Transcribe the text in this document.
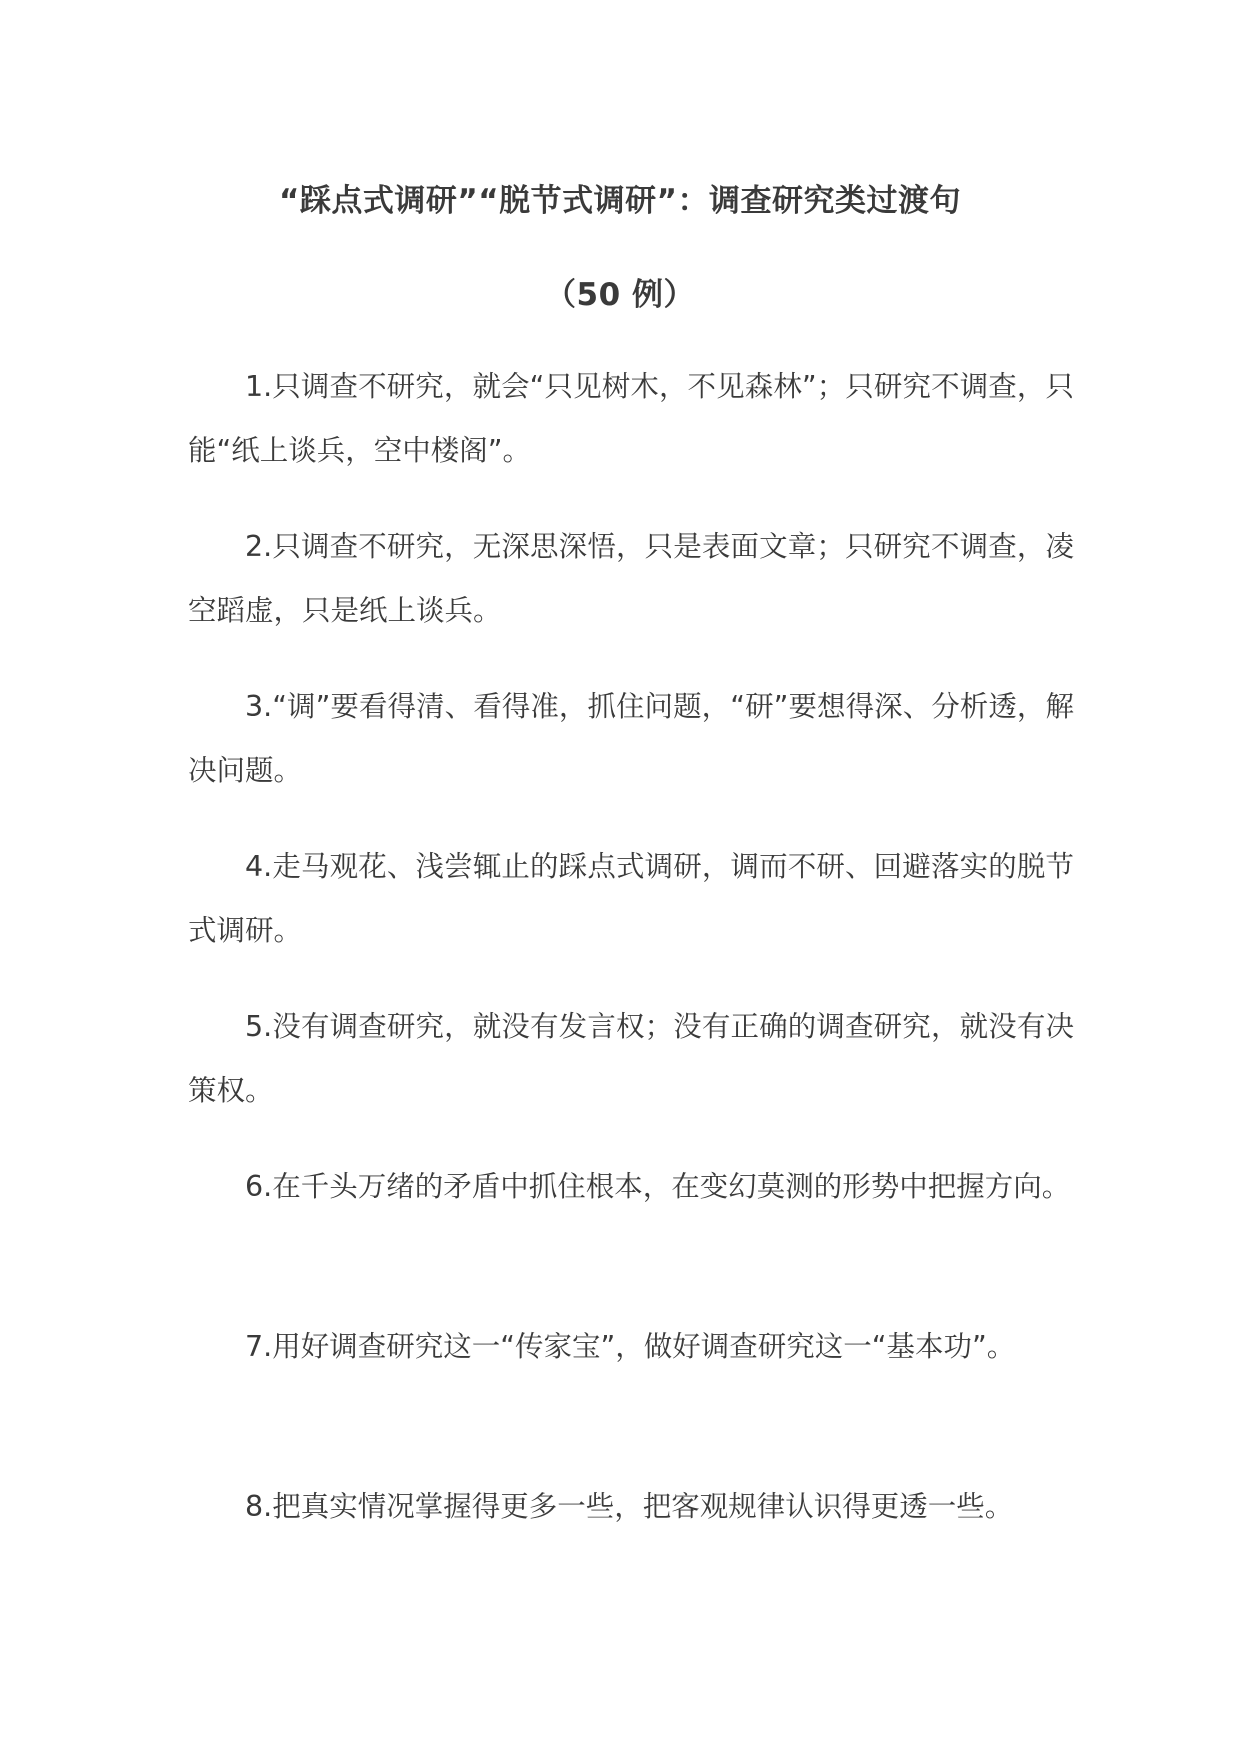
“踩点式调研”“脱节式调研”：调查研究类过渡句
（50 例）
1.只调查不研究，就会“只见树木，不见森林”；只研究不调查，只能“纸上谈兵，空中楼阁”。
2.只调查不研究，无深思深悟，只是表面文章；只研究不调查，凌空蹈虚，只是纸上谈兵。
3.“调”要看得清、看得准，抓住问题，“研”要想得深、分析透，解决问题。
4.走马观花、浅尝辄止的踩点式调研，调而不研、回避落实的脱节式调研。
5.没有调查研究，就没有发言权；没有正确的调查研究，就没有决策权。
6.在千头万绪的矛盾中抓住根本，在变幻莫测的形势中把握方向。
7.用好调查研究这一“传家宝”，做好调查研究这一“基本功”。
8.把真实情况掌握得更多一些，把客观规律认识得更透一些。
